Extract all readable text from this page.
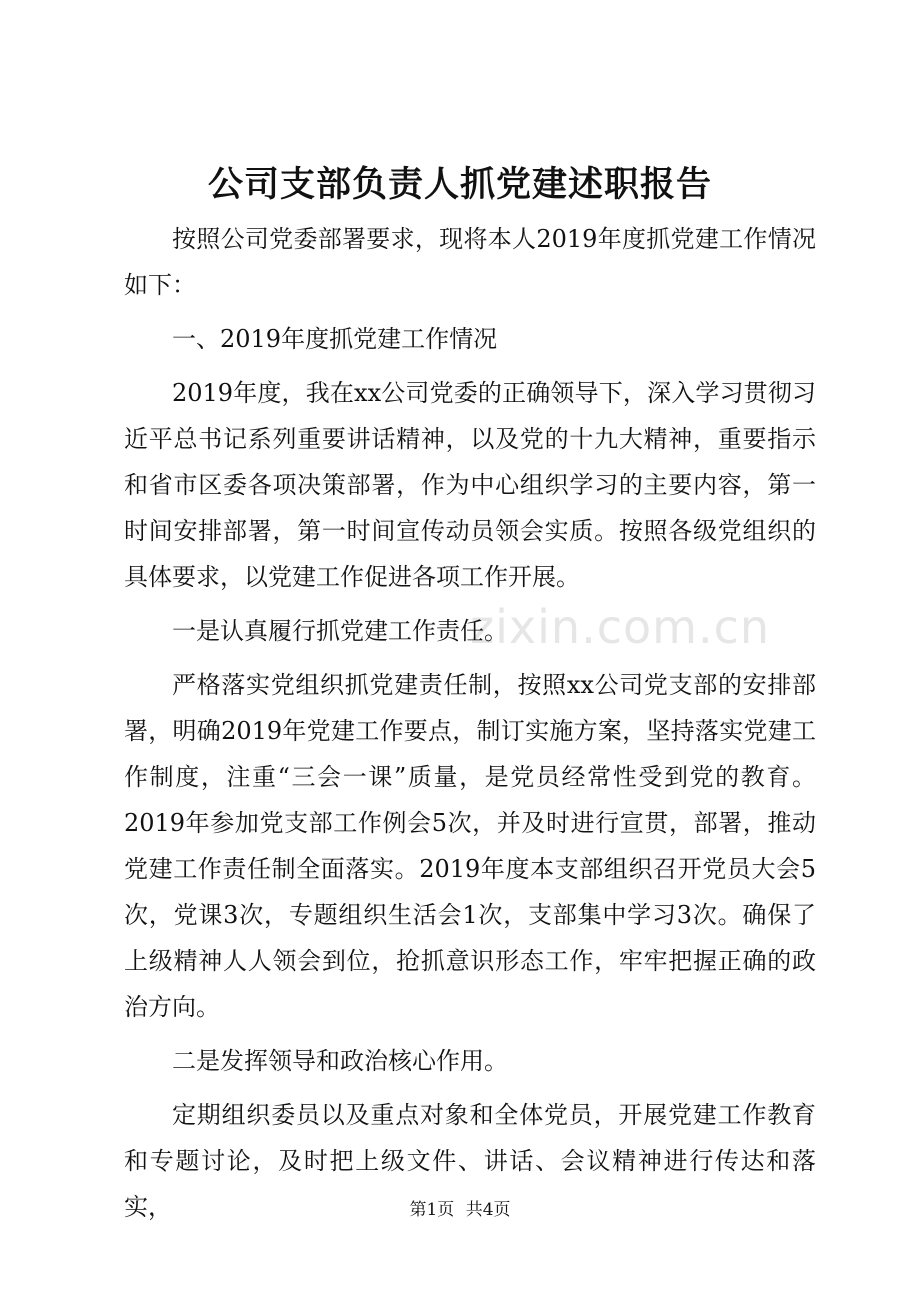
zixin.com.cn
公司支部负责人抓党建述职报告

按照公司党委部署要求，现将本人2019年度抓党建工作情况如下：

一、2019年度抓党建工作情况

2019年度，我在xx公司党委的正确领导下，深入学习贯彻习近平总书记系列重要讲话精神，以及党的十九大精神，重要指示和省市区委各项决策部署，作为中心组织学习的主要内容，第一时间安排部署，第一时间宣传动员领会实质。按照各级党组织的具体要求，以党建工作促进各项工作开展。

一是认真履行抓党建工作责任。

严格落实党组织抓党建责任制，按照xx公司党支部的安排部署，明确2019年党建工作要点，制订实施方案，坚持落实党建工作制度，注重“三会一课”质量，是党员经常性受到党的教育。2019年参加党支部工作例会5次，并及时进行宣贯，部署，推动党建工作责任制全面落实。2019年度本支部组织召开党员大会5次，党课3次，专题组织生活会1次，支部集中学习3次。确保了上级精神人人领会到位，抢抓意识形态工作，牢牢把握正确的政治方向。

二是发挥领导和政治核心作用。

定期组织委员以及重点对象和全体党员，开展党建工作教育和专题讨论，及时把上级文件、讲话、会议精神进行传达和落实，	第1页 共4页
